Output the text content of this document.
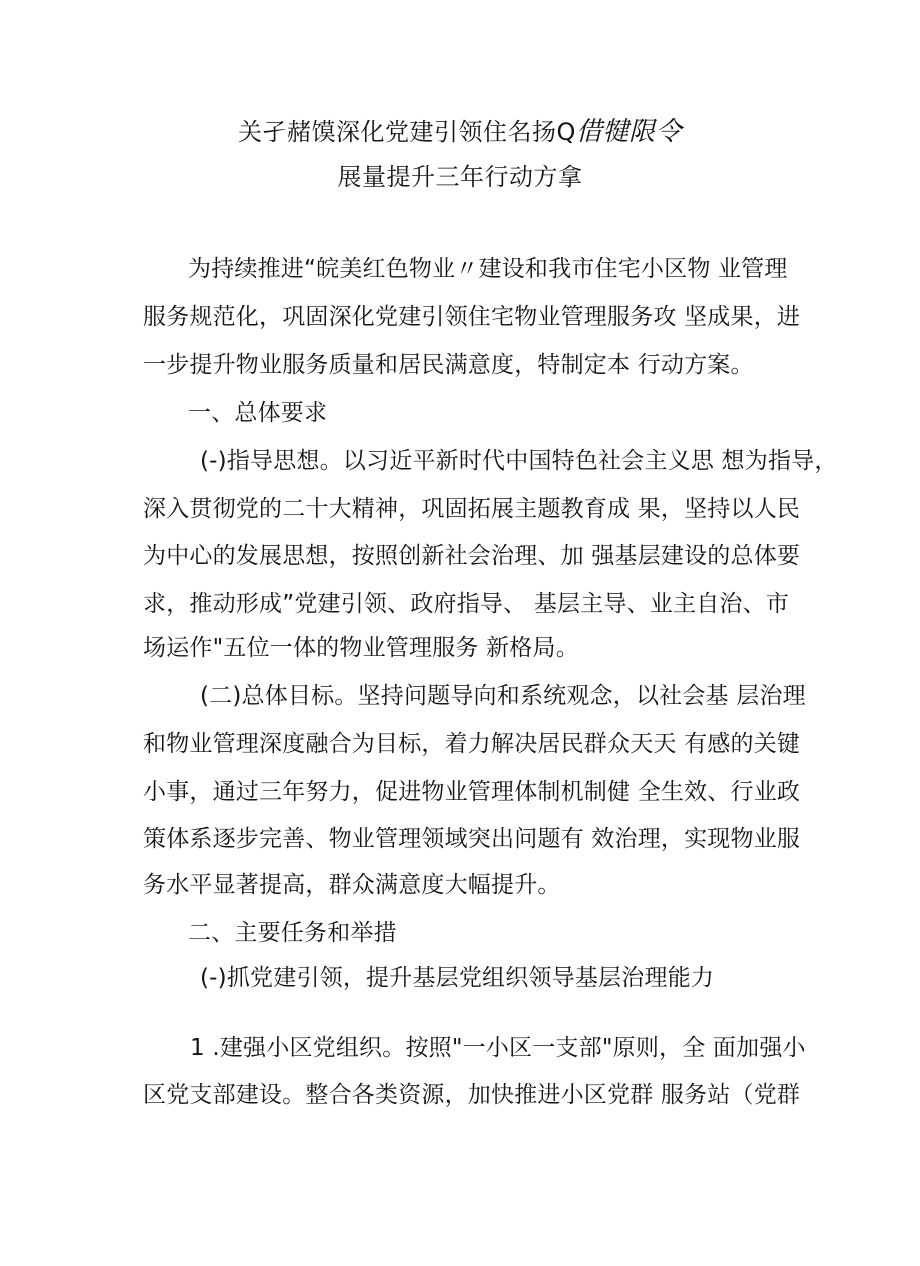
关孑赭馍深化党建引领住名扬Q借犍限令
展量提升三年行动方拿
为持续推进“皖美红色物业〃建设和我市住宅小区物 业管理
服务规范化，巩固深化党建引领住宅物业管理服务攻 坚成果，进
一步提升物业服务质量和居民满意度，特制定本 行动方案。
一、总体要求
(-)指导思想。以习近平新时代中国特色社会主义思 想为指导，
深入贯彻党的二十大精神，巩固拓展主题教育成 果，坚持以人民
为中心的发展思想，按照创新社会治理、加 强基层建设的总体要
求，推动形成”党建引领、政府指导、 基层主导、业主自治、市
场运作"五位一体的物业管理服务 新格局。
(二)总体目标。坚持问题导向和系统观念，以社会基 层治理
和物业管理深度融合为目标，着力解决居民群众天天 有感的关键
小事，通过三年努力，促进物业管理体制机制健 全生效、行业政
策体系逐步完善、物业管理领域突出问题有 效治理，实现物业服
务水平显著提高，群众满意度大幅提升。
二、主要任务和举措
(-)抓党建引领，提升基层党组织领导基层治理能力
1 .建强小区党组织。按照"一小区一支部"原则，全 面加强小
区党支部建设。整合各类资源，加快推进小区党群 服务站（党群
